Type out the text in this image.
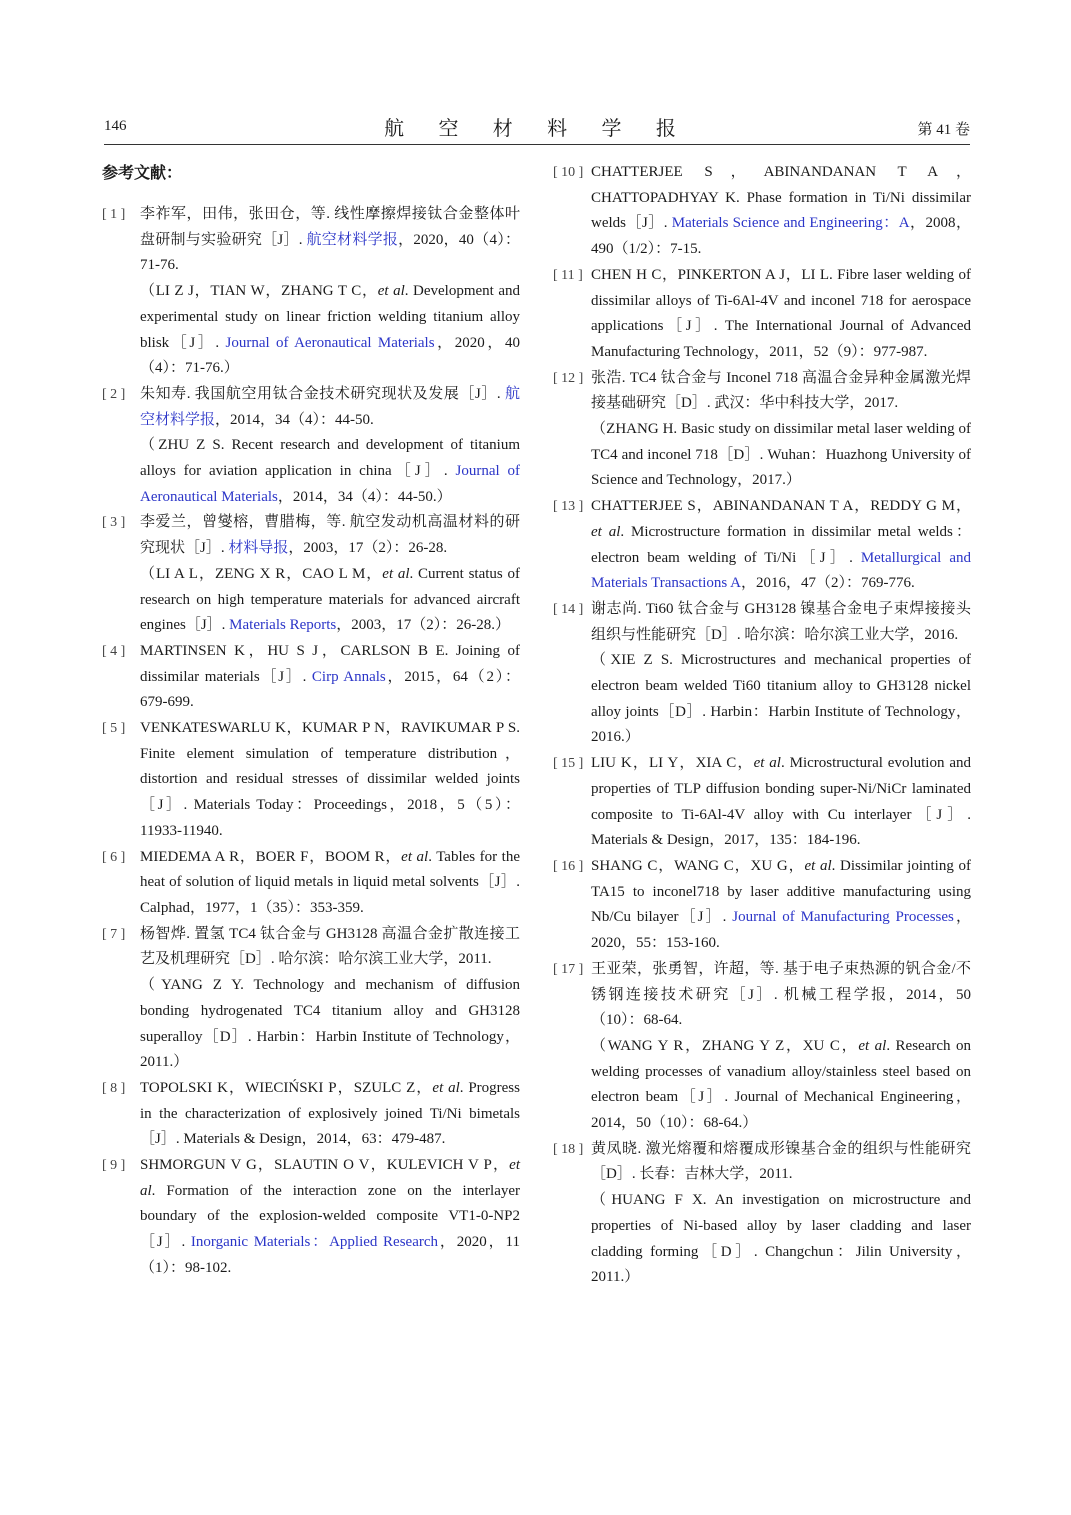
146	航 空 材 料 学 报	第 41 卷
参考文献：
[ 1 ] 李祚军，田伟，张田仓，等. 线性摩擦焊接钛合金整体叶盘研制与实验研究［J］. 航空材料学报，2020，40（4）：71-76.
（LI Z J，TIAN W，ZHANG T C，et al. Development and experimental study on linear friction welding titanium alloy blisk［J］. Journal of Aeronautical Materials，2020，40（4）：71-76.）
[ 2 ] 朱知寿. 我国航空用钛合金技术研究现状及发展［J］. 航空材料学报，2014，34（4）：44-50.
（ZHU Z S. Recent research and development of titanium alloys for aviation application in china［J］. Journal of Aeronautical Materials，2014，34（4）：44-50.）
[ 3 ] 李爱兰，曾燮榕，曹腊梅，等. 航空发动机高温材料的研究现状［J］. 材料导报，2003，17（2）：26-28.
（LI A L，ZENG X R，CAO L M，et al. Current status of research on high temperature materials for advanced aircraft engines［J］. Materials Reports，2003，17（2）：26-28.）
[ 4 ] MARTINSEN K，HU S J，CARLSON B E. Joining of dissimilar materials［J］. Cirp Annals，2015，64（2）：679-699.
[ 5 ] VENKATESWARLU K，KUMAR P N，RAVIKUMAR P S. Finite element simulation of temperature distribution，distortion and residual stresses of dissimilar welded joints［J］. Materials Today：Proceedings，2018，5（5）：11933-11940.
[ 6 ] MIEDEMA A R，BOER F，BOOM R，et al. Tables for the heat of solution of liquid metals in liquid metal solvents［J］. Calphad，1977，1（35）：353-359.
[ 7 ] 杨智烨. 置氢 TC4 钛合金与 GH3128 高温合金扩散连接工艺及机理研究［D］. 哈尔滨：哈尔滨工业大学，2011.
（YANG Z Y. Technology and mechanism of diffusion bonding hydrogenated TC4 titanium alloy and GH3128 superalloy［D］. Harbin：Harbin Institute of Technology，2011.）
[ 8 ] TOPOLSKI K，WIECIŃSKI P，SZULC Z，et al. Progress in the characterization of explosively joined Ti/Ni bimetals［J］. Materials & Design，2014，63：479-487.
[ 9 ] SHMORGUN V G，SLAUTIN O V，KULEVICH V P，et al. Formation of the interaction zone on the interlayer boundary of the explosion-welded composite VT1-0-NP2［J］. Inorganic Materials：Applied Research，2020，11（1）：98-102.
[ 10 ] CHATTERJEE S，ABINANDANAN T A，CHATTOPADHYAY K. Phase formation in Ti/Ni dissimilar welds［J］. Materials Science and Engineering：A，2008，490（1/2）：7-15.
[ 11 ] CHEN H C，PINKERTON A J，LI L. Fibre laser welding of dissimilar alloys of Ti-6Al-4V and inconel 718 for aerospace applications［J］. The International Journal of Advanced Manufacturing Technology，2011，52（9）：977-987.
[ 12 ] 张浩. TC4 钛合金与 Inconel 718 高温合金异种金属激光焊接基础研究［D］. 武汉：华中科技大学，2017.
（ZHANG H. Basic study on dissimilar metal laser welding of TC4 and inconel 718［D］. Wuhan：Huazhong University of Science and Technology，2017.）
[ 13 ] CHATTERJEE S，ABINANDANAN T A，REDDY G M，et al. Microstructure formation in dissimilar metal welds：electron beam welding of Ti/Ni［J］. Metallurgical and Materials Transactions A，2016，47（2）：769-776.
[ 14 ] 谢志尚. Ti60 钛合金与 GH3128 镍基合金电子束焊接接头组织与性能研究［D］. 哈尔滨：哈尔滨工业大学，2016.
（XIE Z S. Microstructures and mechanical properties of electron beam welded Ti60 titanium alloy to GH3128 nickel alloy joints［D］. Harbin：Harbin Institute of Technology，2016.）
[ 15 ] LIU K，LI Y，XIA C，et al. Microstructural evolution and properties of TLP diffusion bonding super-Ni/NiCr laminated composite to Ti-6Al-4V alloy with Cu interlayer［J］. Materials & Design，2017，135：184-196.
[ 16 ] SHANG C，WANG C，XU G，et al. Dissimilar jointing of TA15 to inconel718 by laser additive manufacturing using Nb/Cu bilayer［J］. Journal of Manufacturing Processes，2020，55：153-160.
[ 17 ] 王亚荣，张勇智，许超，等. 基于电子束热源的钒合金/不锈钢连接技术研究［J］. 机械工程学报，2014，50（10）：68-64.
（WANG Y R，ZHANG Y Z，XU C，et al. Research on welding processes of vanadium alloy/stainless steel based on electron beam［J］. Journal of Mechanical Engineering，2014，50（10）：68-64.）
[ 18 ] 黄凤晓. 激光熔覆和熔覆成形镍基合金的组织与性能研究［D］. 长春：吉林大学，2011.
（HUANG F X. An investigation on microstructure and properties of Ni-based alloy by laser cladding and laser cladding forming［D］. Changchun：Jilin University，2011.）
